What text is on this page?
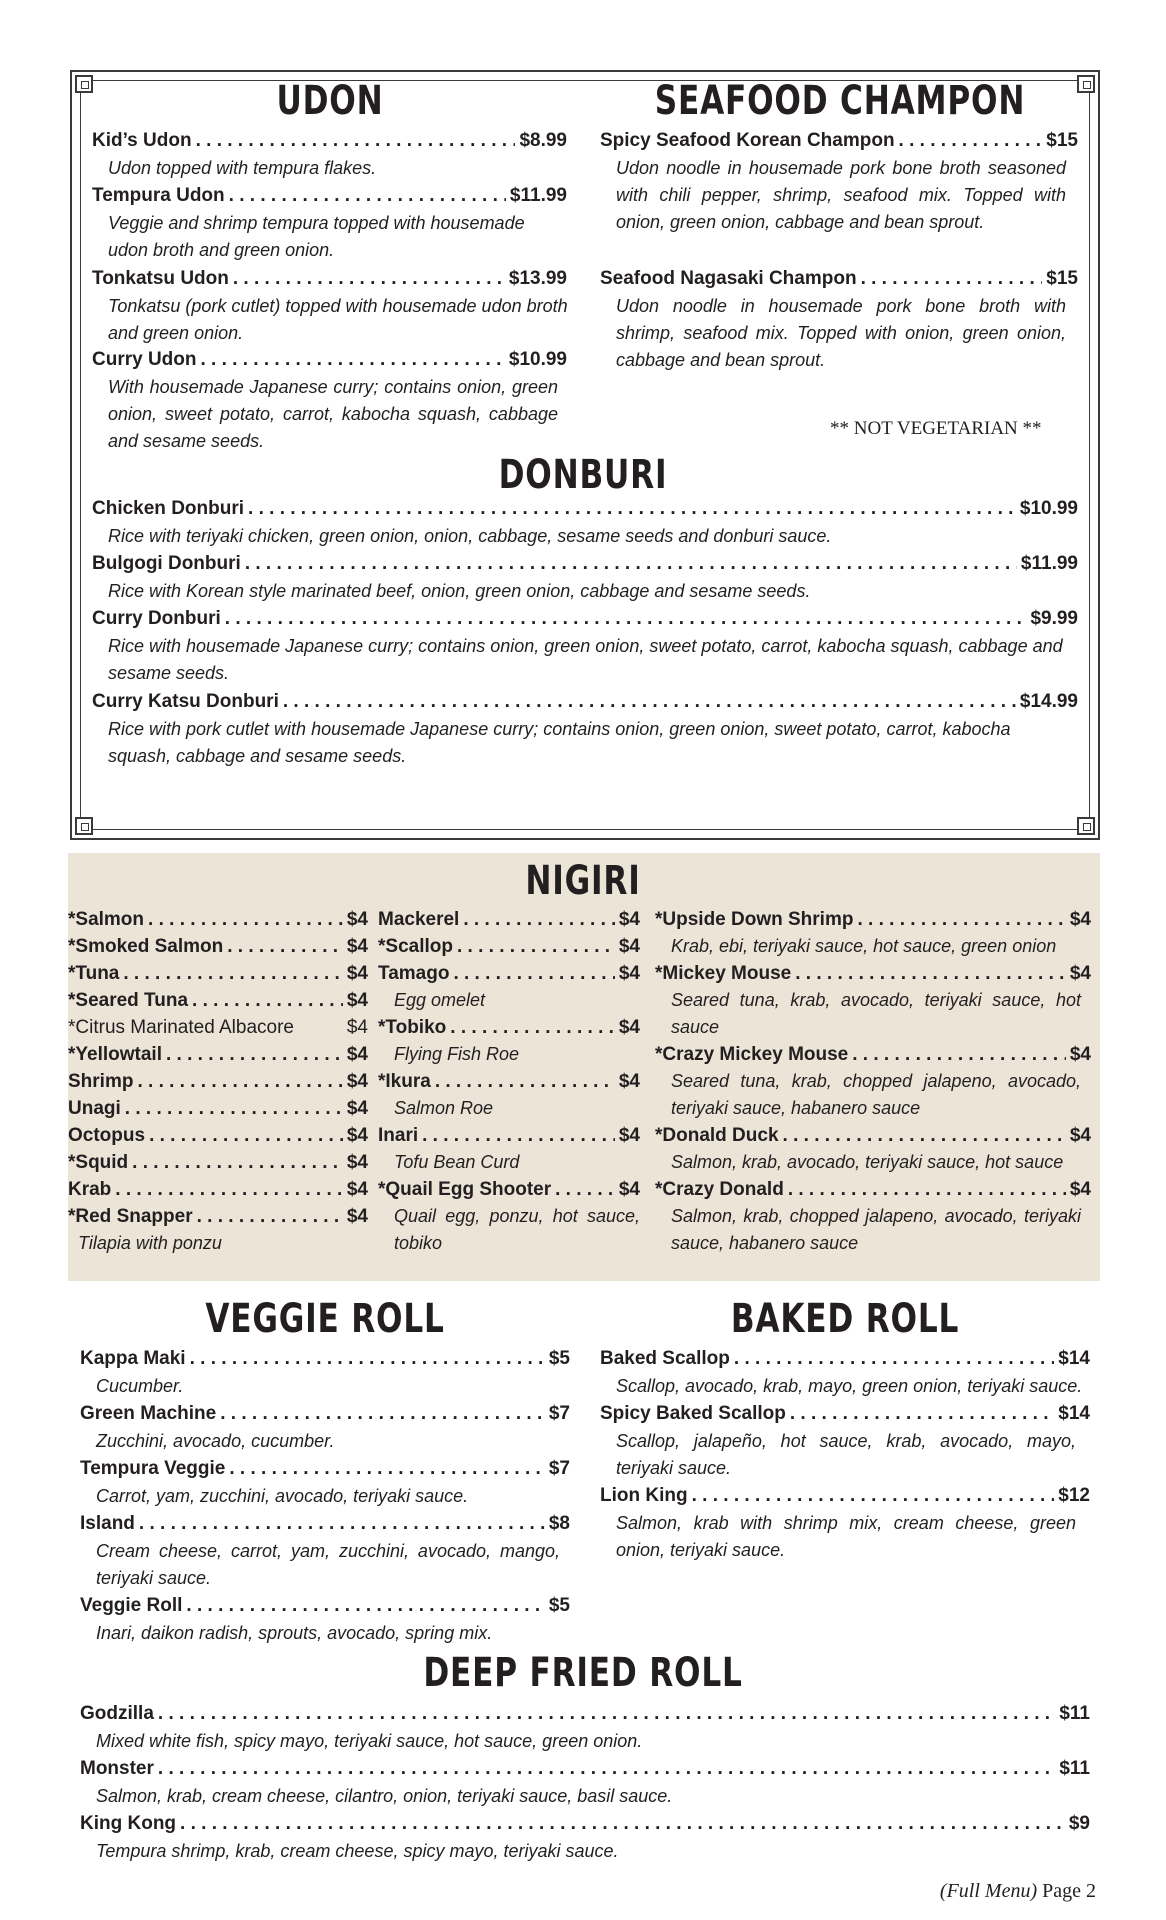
UDON
Kid’s Udon . . .	$8.99
Udon topped with tempura flakes.
Tempura Udon . . .	$11.99
Veggie and shrimp tempura topped with housemade udon broth and green onion.
Tonkatsu Udon . . .	$13.99
Tonkatsu (pork cutlet) topped with housemade udon broth and green onion.
Curry Udon . . .	$10.99
With housemade Japanese curry; contains onion, green onion, sweet potato, carrot, kabocha squash, cabbage and sesame seeds.
SEAFOOD CHAMPON
Spicy Seafood Korean Champon . . .	$15
Udon noodle in housemade pork bone broth seasoned with chili pepper, shrimp, seafood mix. Topped with onion, green onion, cabbage and bean sprout.
Seafood Nagasaki Champon . . .	$15
Udon noodle in housemade pork bone broth with shrimp, seafood mix. Topped with onion, green onion, cabbage and bean sprout.
** NOT VEGETARIAN **
DONBURI
Chicken Donburi . . .	$10.99
Rice with teriyaki chicken, green onion, onion, cabbage, sesame seeds and donburi sauce.
Bulgogi Donburi . . .	$11.99
Rice with Korean style marinated beef, onion, green onion, cabbage and sesame seeds.
Curry Donburi . . .	$9.99
Rice with housemade Japanese curry; contains onion, green onion, sweet potato, carrot, kabocha squash, cabbage and sesame seeds.
Curry Katsu Donburi . . .	$14.99
Rice with pork cutlet with housemade Japanese curry; contains onion, green onion, sweet potato, carrot, kabocha squash, cabbage and sesame seeds.
NIGIRI
*Salmon . . .	$4
*Smoked Salmon . . .	$4
*Tuna . . .	$4
*Seared Tuna . . .	$4
*Citrus Marinated Albacore	$4
*Yellowtail . . .	$4
Shrimp . . .	$4
Unagi . . .	$4
Octopus . . .	$4
*Squid . . .	$4
Krab . . .	$4
*Red Snapper . . .	$4
Tilapia with ponzu
Mackerel . . .	$4
*Scallop . . .	$4
Tamago . . .	$4
Egg omelet
*Tobiko . . .	$4
Flying Fish Roe
*Ikura . . .	$4
Salmon Roe
Inari . . .	$4
Tofu Bean Curd
*Quail Egg Shooter . . .	$4
Quail egg, ponzu, hot sauce, tobiko
*Upside Down Shrimp . . .	$4
Krab, ebi, teriyaki sauce, hot sauce, green onion
*Mickey Mouse . . .	$4
Seared tuna, krab, avocado, teriyaki sauce, hot sauce
*Crazy Mickey Mouse . . .	$4
Seared tuna, krab, chopped jalapeno, avocado, teriyaki sauce, habanero sauce
*Donald Duck . . .	$4
Salmon, krab, avocado, teriyaki sauce, hot sauce
*Crazy Donald . . .	$4
Salmon, krab, chopped jalapeno, avocado, teriyaki sauce, habanero sauce
VEGGIE ROLL
Kappa Maki . . .	$5
Cucumber.
Green Machine . . .	$7
Zucchini, avocado, cucumber.
Tempura Veggie . . .	$7
Carrot, yam, zucchini, avocado, teriyaki sauce.
Island . . .	$8
Cream cheese, carrot, yam, zucchini, avocado, mango, teriyaki sauce.
Veggie Roll . . .	$5
Inari, daikon radish, sprouts, avocado, spring mix.
BAKED ROLL
Baked Scallop . . .	$14
Scallop, avocado, krab, mayo, green onion, teriyaki sauce.
Spicy Baked Scallop . . .	$14
Scallop, jalapeño, hot sauce, krab, avocado, mayo, teriyaki sauce.
Lion King . . .	$12
Salmon, krab with shrimp mix, cream cheese, green onion, teriyaki sauce.
DEEP FRIED ROLL
Godzilla . . .	$11
Mixed white fish, spicy mayo, teriyaki sauce, hot sauce, green onion.
Monster . . .	$11
Salmon, krab, cream cheese, cilantro, onion, teriyaki sauce, basil sauce.
King Kong . . .	$9
Tempura shrimp, krab, cream cheese, spicy mayo, teriyaki sauce.
(Full Menu) Page 2
